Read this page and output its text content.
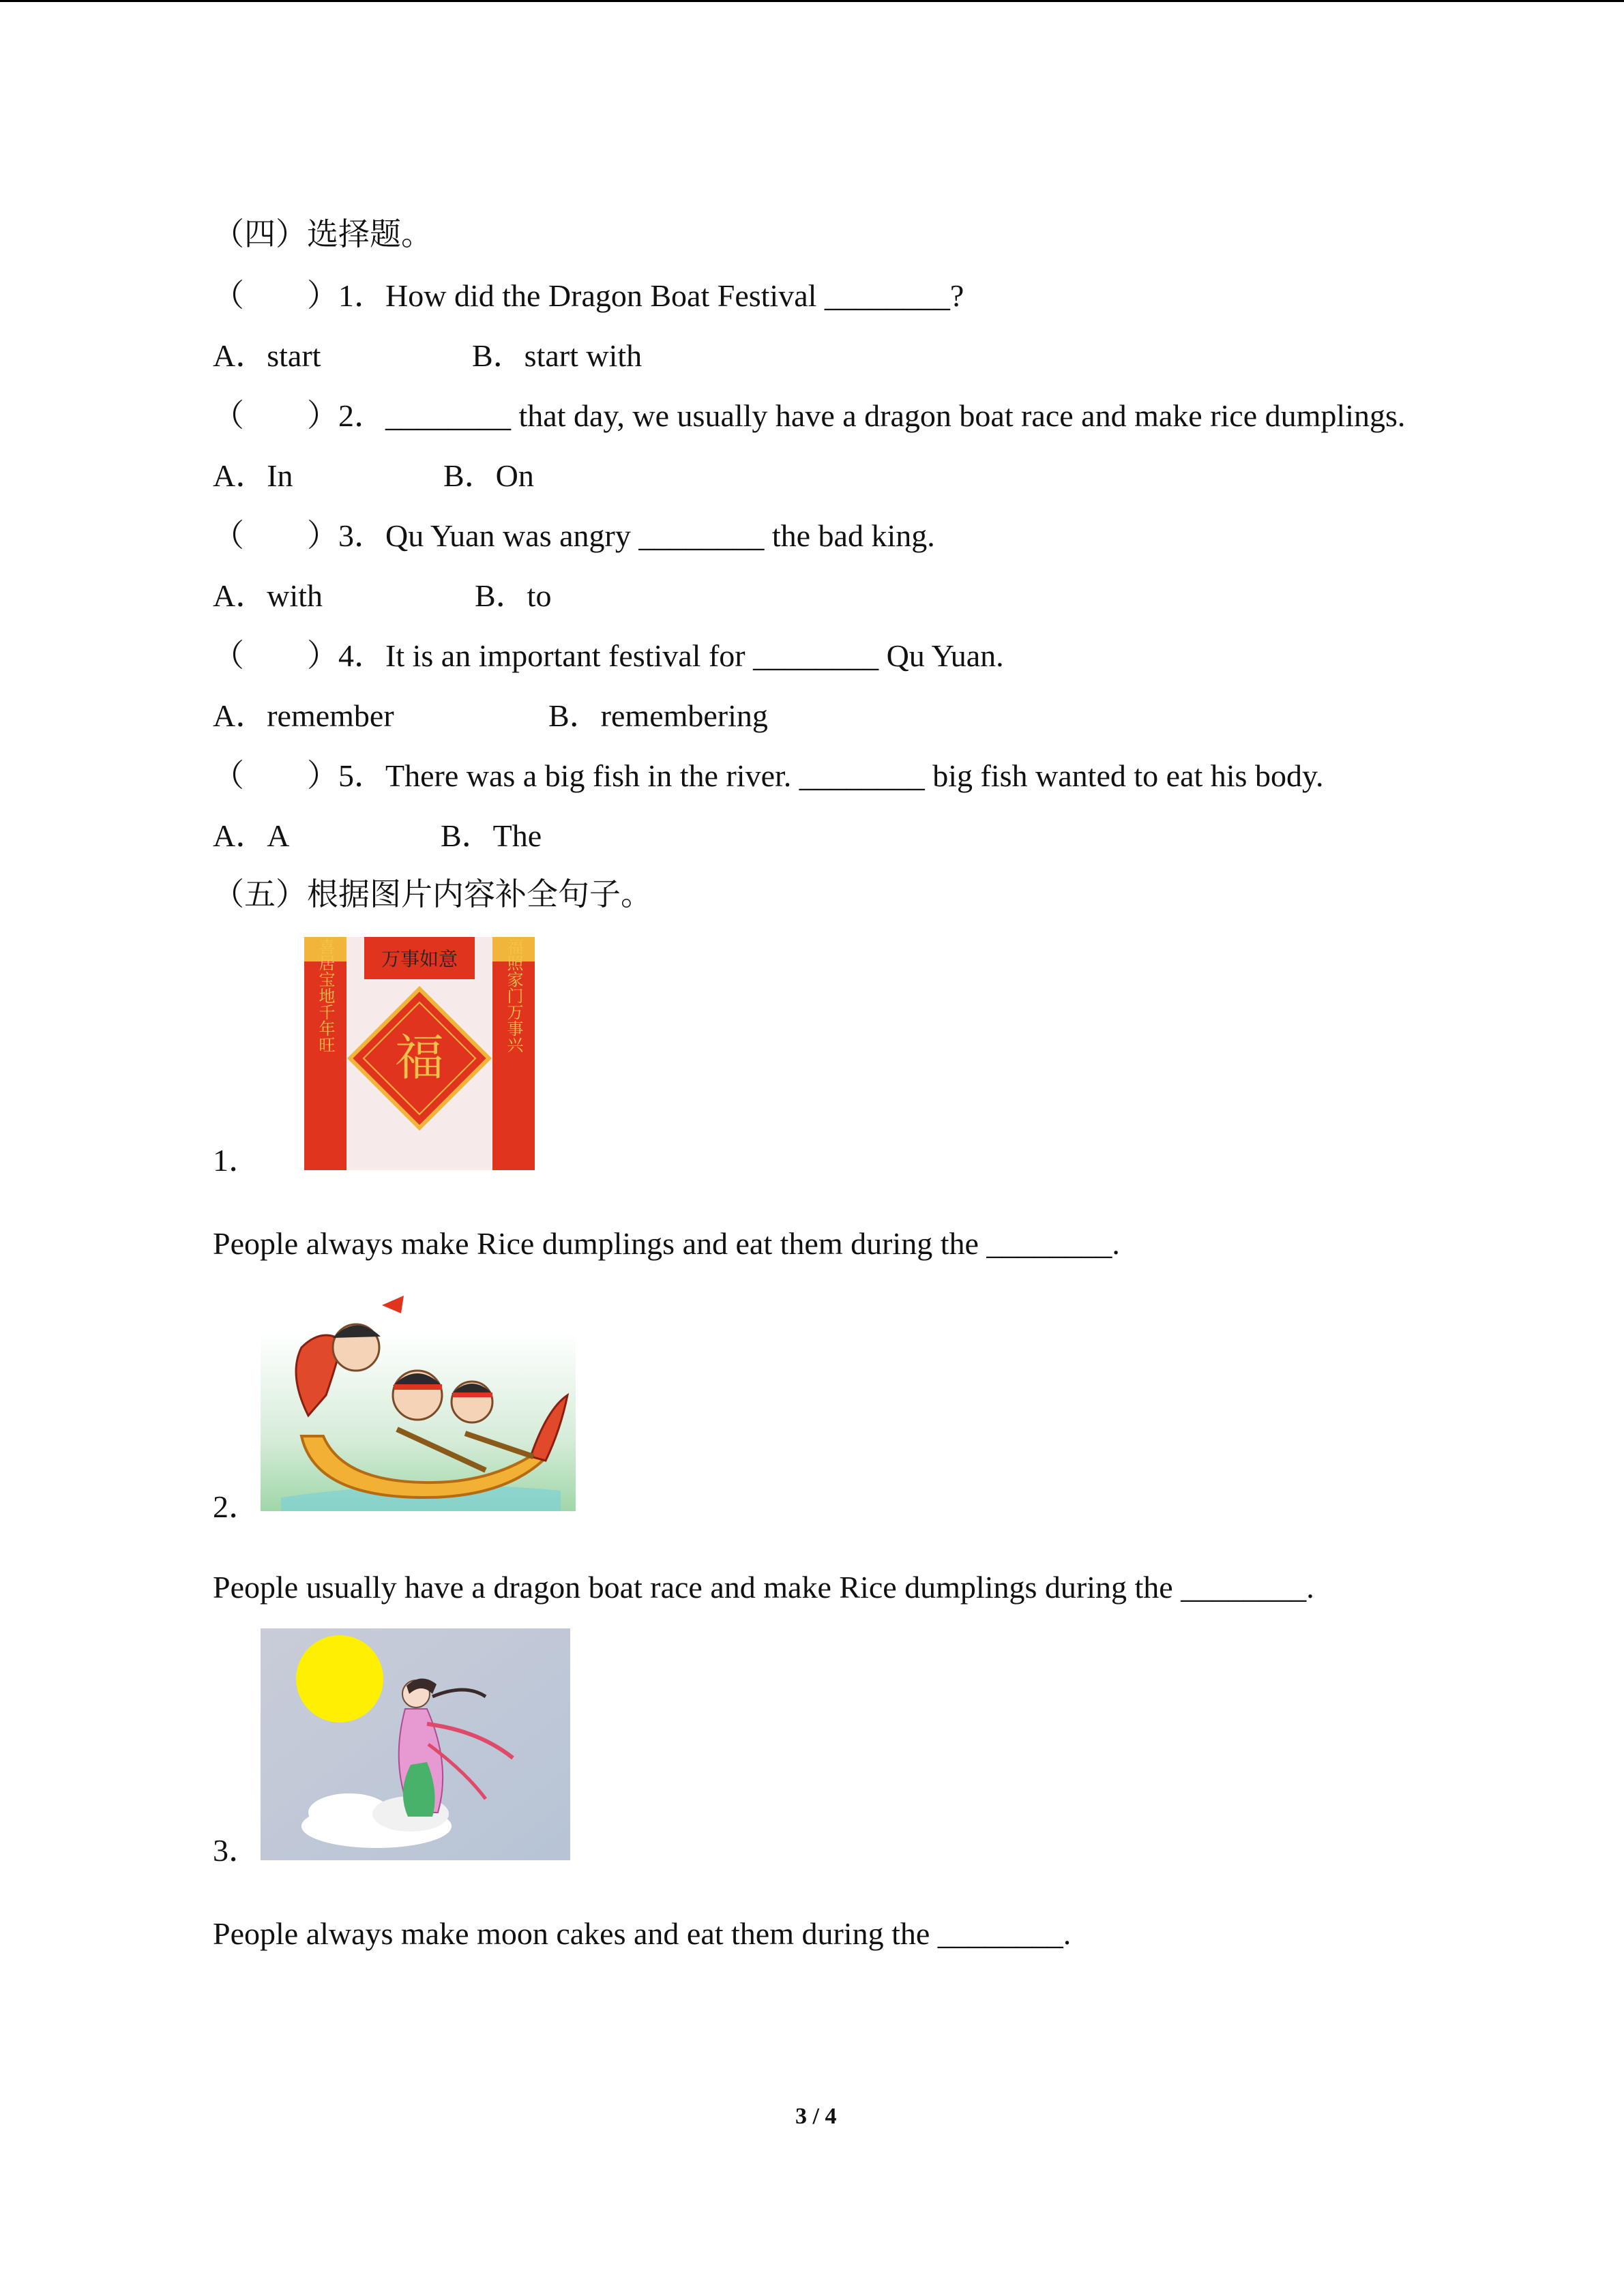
（四）选择题。
（　　）1．How did the Dragon Boat Festival ________?
A．start	B．start with
（　　）2．________ that day, we usually have a dragon boat race and make rice dumplings.
A．In	B．On
（　　）3．Qu Yuan was angry ________ the bad king.
A．with	B．to
（　　）4．It is an important festival for ________ Qu Yuan.
A．remember	B．remembering
（　　）5．There was a big fish in the river. ________ big fish wanted to eat his body.
A．A	B．The
（五）根据图片内容补全句子。
万事如意
福
喜居宝地千年旺	福照家门万事兴
1．
People always make Rice dumplings and eat them during the ________.
2．
People usually have a dragon boat race and make Rice dumplings during the ________.
3．
People always make moon cakes and eat them during the ________.
3 / 4
